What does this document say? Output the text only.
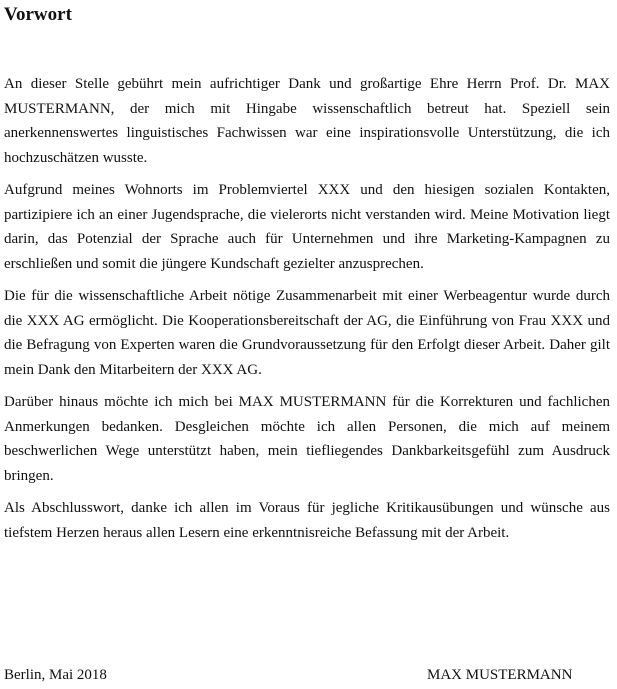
Vorwort

An dieser Stelle gebührt mein aufrichtiger Dank und großartige Ehre Herrn Prof. Dr. MAX MUSTERMANN, der mich mit Hingabe wissenschaftlich betreut hat. Speziell sein anerkennenswertes linguistisches Fachwissen war eine inspirationsvolle Unterstützung, die ich hochzuschätzen wusste.

Aufgrund meines Wohnorts im Problemviertel XXX und den hiesigen sozialen Kontakten, partizipiere ich an einer Jugendsprache, die vielerorts nicht verstanden wird. Meine Motivation liegt darin, das Potenzial der Sprache auch für Unternehmen und ihre Marketing-Kampagnen zu erschließen und somit die jüngere Kundschaft gezielter anzusprechen.

Die für die wissenschaftliche Arbeit nötige Zusammenarbeit mit einer Werbeagentur wurde durch die XXX AG ermöglicht. Die Kooperationsbereitschaft der AG, die Einführung von Frau XXX und die Befragung von Experten waren die Grundvoraussetzung für den Erfolgt dieser Arbeit. Daher gilt mein Dank den Mitarbeitern der XXX AG.

Darüber hinaus möchte ich mich bei MAX MUSTERMANN für die Korrekturen und fachlichen Anmerkungen bedanken. Desgleichen möchte ich allen Personen, die mich auf meinem beschwerlichen Wege unterstützt haben, mein tiefliegendes Dankbarkeitsgefühl zum Ausdruck bringen.

Als Abschlusswort, danke ich allen im Voraus für jegliche Kritikausübungen und wünsche aus tiefstem Herzen heraus allen Lesern eine erkenntnisreiche Befassung mit der Arbeit.

Berlin, Mai 2018	MAX MUSTERMANN
